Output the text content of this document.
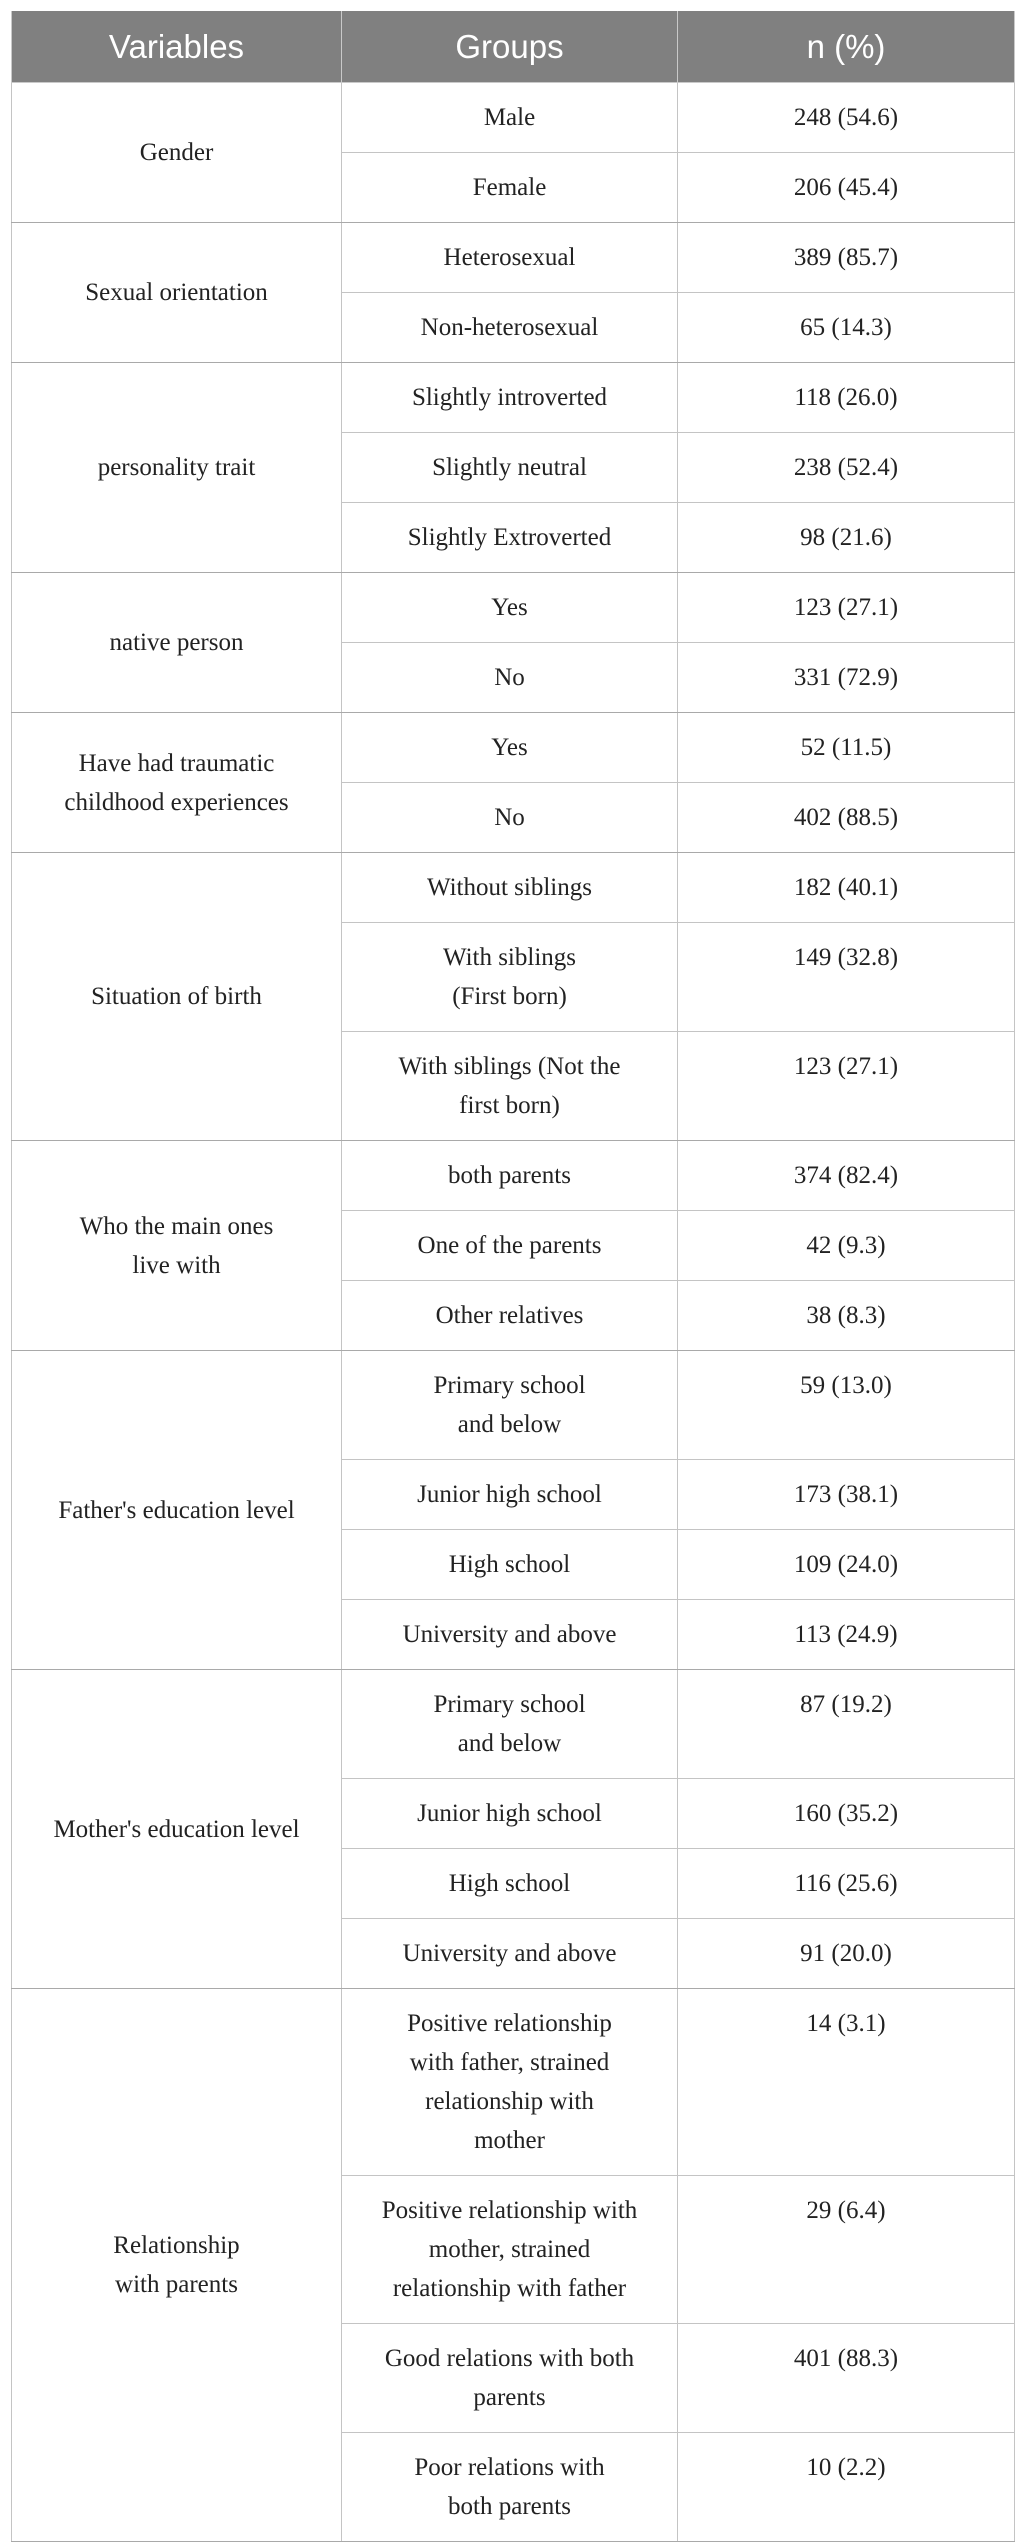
Variables	Groups	n (%)
Gender	Male	248 (54.6)
	Female	206 (45.4)
Sexual orientation	Heterosexual	389 (85.7)
	Non-heterosexual	65 (14.3)
personality trait	Slightly introverted	118 (26.0)
	Slightly neutral	238 (52.4)
	Slightly Extroverted	98 (21.6)
native person	Yes	123 (27.1)
	No	331 (72.9)
Have had traumatic childhood experiences	Yes	52 (11.5)
	No	402 (88.5)
Situation of birth	Without siblings	182 (40.1)
	With siblings (First born)	149 (32.8)
	With siblings (Not the first born)	123 (27.1)
Who the main ones live with	both parents	374 (82.4)
	One of the parents	42 (9.3)
	Other relatives	38 (8.3)
Father's education level	Primary school and below	59 (13.0)
	Junior high school	173 (38.1)
	High school	109 (24.0)
	University and above	113 (24.9)
Mother's education level	Primary school and below	87 (19.2)
	Junior high school	160 (35.2)
	High school	116 (25.6)
	University and above	91 (20.0)
Relationship with parents	Positive relationship with father, strained relationship with mother	14 (3.1)
	Positive relationship with mother, strained relationship with father	29 (6.4)
	Good relations with both parents	401 (88.3)
	Poor relations with both parents	10 (2.2)
